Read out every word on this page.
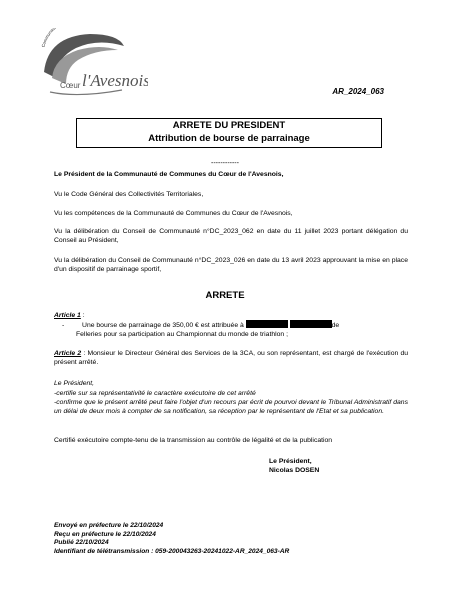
Communau
Cœur l'Avesnois
AR_2024_063
ARRETE DU PRESIDENT
Attribution de bourse de parrainage
------------
Le Président de la Communauté de Communes du Cœur de l'Avesnois,
Vu le Code Général des Collectivités Territoriales,
Vu les compétences de la Communauté de Communes du Cœur de l'Avesnois,
Vu la délibération du Conseil de Communauté n°DC_2023_062 en date du 11 juillet 2023 portant délégation du Conseil au Président,
Vu la délibération du Conseil de Communauté n°DC_2023_026 en date du 13 avril 2023 approuvant la mise en place d'un dispositif de parrainage sportif,
ARRETE
Article 1 :
-	Une bourse de parrainage de 350,00 € est attribuée à	de
Felleries pour sa participation au Championnat du monde de triathlon ;
Article 2 : Monsieur le Directeur Général des Services de la 3CA, ou son représentant, est chargé de l'exécution du présent arrêté.
Le Président,
-certifie sur sa représentativité le caractère exécutoire de cet arrêté
-confirme que le présent arrêté peut faire l'objet d'un recours par écrit de pourvoi devant le Tribunal Administratif dans un délai de deux mois à compter de sa notification, sa réception par le représentant de l'Etat et sa publication.
Certifié exécutoire compte-tenu de la transmission au contrôle de légalité et de la publication
Le Président,
Nicolas DOSEN
Envoyé en préfecture le 22/10/2024
Reçu en préfecture le 22/10/2024
Publié 22/10/2024
Identifiant de télétransmission : 059-200043263-20241022-AR_2024_063-AR
